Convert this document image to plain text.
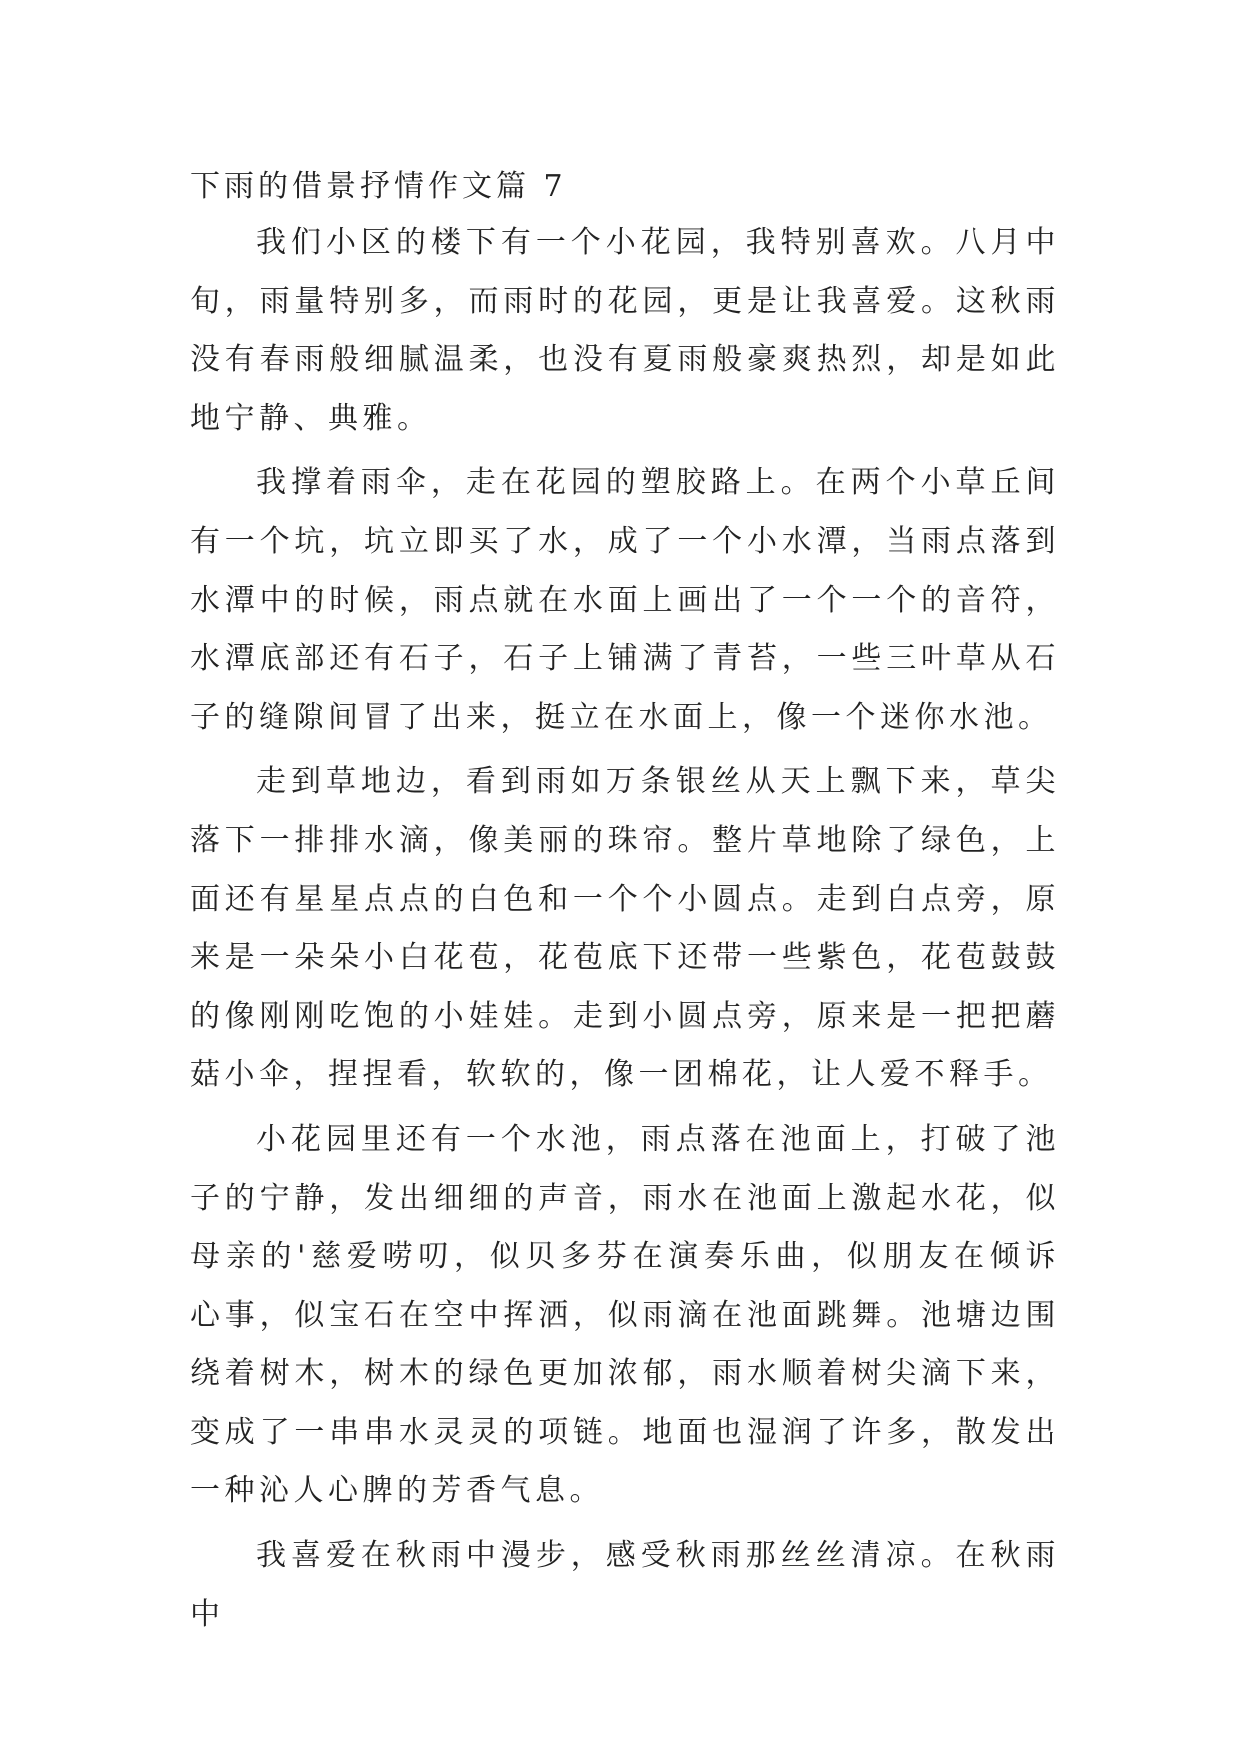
下雨的借景抒情作文篇 7

我们小区的楼下有一个小花园，我特别喜欢。八月中旬，雨量特别多，而雨时的花园，更是让我喜爱。这秋雨没有春雨般细腻温柔，也没有夏雨般豪爽热烈，却是如此地宁静、典雅。

我撑着雨伞，走在花园的塑胶路上。在两个小草丘间有一个坑，坑立即买了水，成了一个小水潭，当雨点落到水潭中的时候，雨点就在水面上画出了一个一个的音符，水潭底部还有石子，石子上铺满了青苔，一些三叶草从石子的缝隙间冒了出来，挺立在水面上，像一个迷你水池。

走到草地边，看到雨如万条银丝从天上飘下来，草尖落下一排排水滴，像美丽的珠帘。整片草地除了绿色，上面还有星星点点的白色和一个个小圆点。走到白点旁，原来是一朵朵小白花苞，花苞底下还带一些紫色，花苞鼓鼓的像刚刚吃饱的小娃娃。走到小圆点旁，原来是一把把蘑菇小伞，捏捏看，软软的，像一团棉花，让人爱不释手。

小花园里还有一个水池，雨点落在池面上，打破了池子的宁静，发出细细的声音，雨水在池面上激起水花，似母亲的'慈爱唠叨，似贝多芬在演奏乐曲，似朋友在倾诉心事，似宝石在空中挥洒，似雨滴在池面跳舞。池塘边围绕着树木，树木的绿色更加浓郁，雨水顺着树尖滴下来，变成了一串串水灵灵的项链。地面也湿润了许多，散发出一种沁人心脾的芳香气息。

我喜爱在秋雨中漫步，感受秋雨那丝丝清凉。在秋雨中
